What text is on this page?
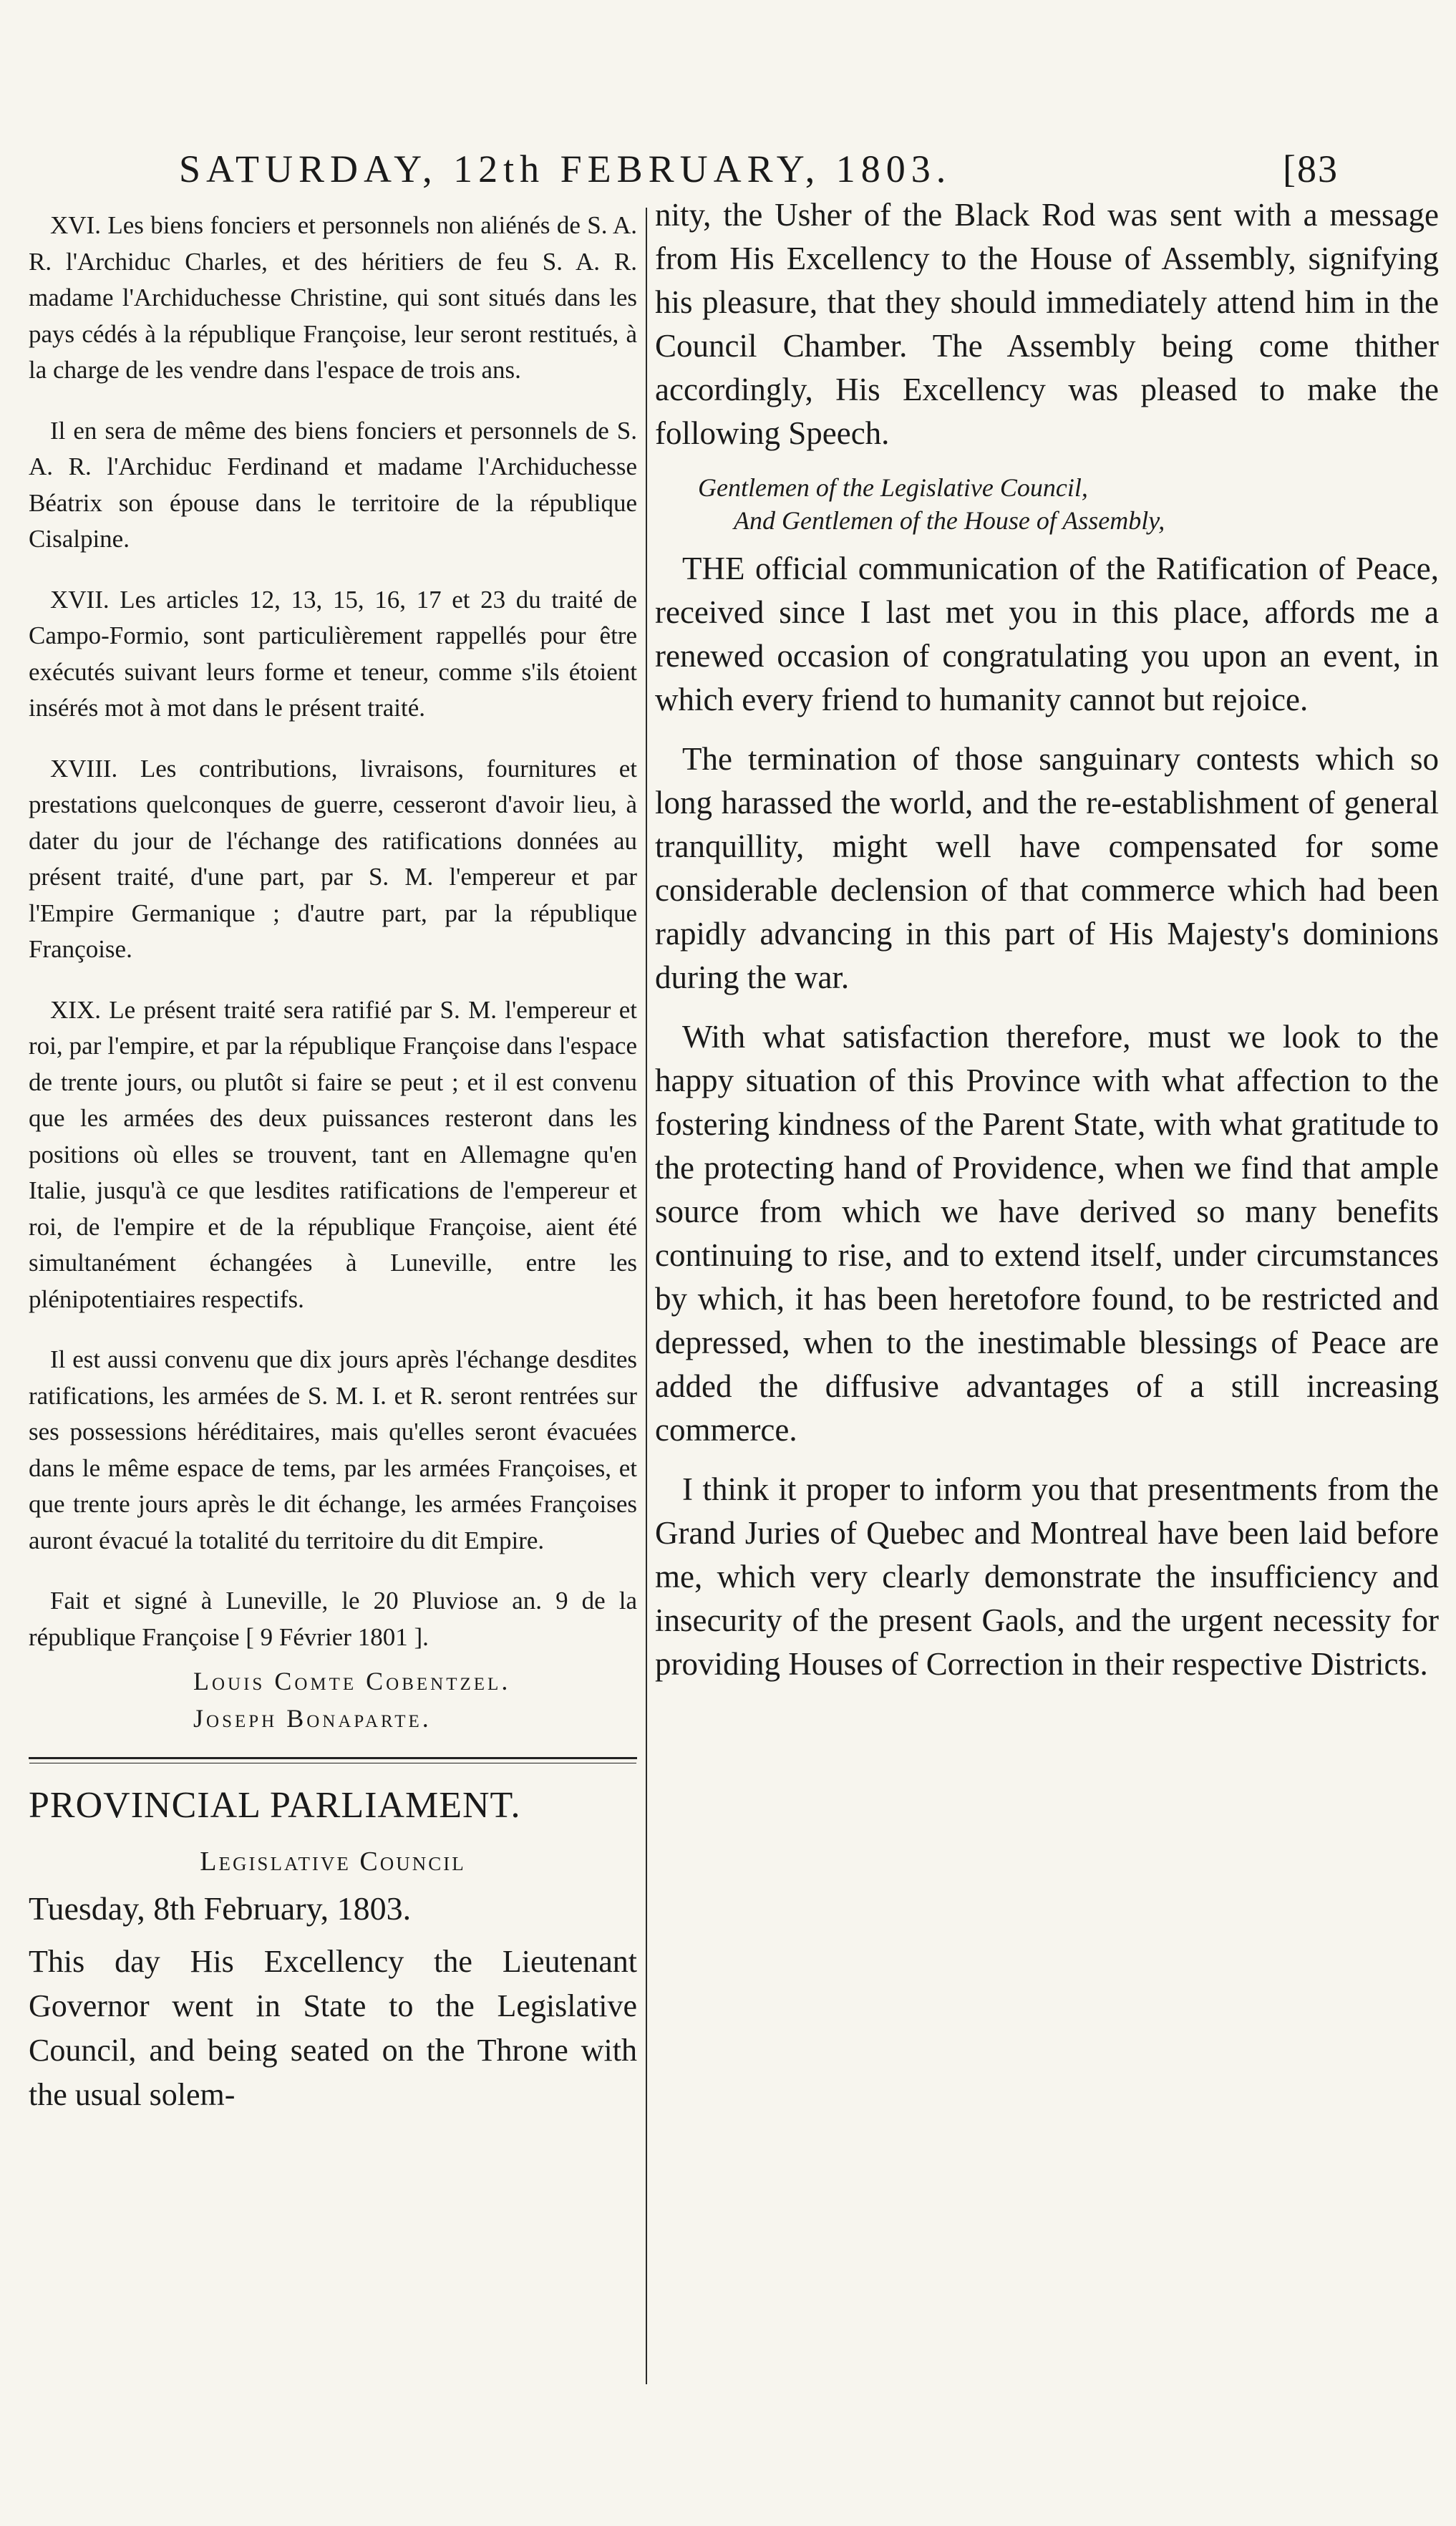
SATURDAY, 12th FEBRUARY, 1803.	[83

XVI. Les biens fonciers et personnels non aliénés de S. A. R. l'Archiduc Charles, et des héritiers de feu S. A. R. madame l'Archiduchesse Christine, qui sont situés dans les pays cédés à la république Françoise, leur seront restitués, à la charge de les vendre dans l'espace de trois ans.

Il en sera de même des biens fonciers et personnels de S. A. R. l'Archiduc Ferdinand et madame l'Archiduchesse Béatrix son épouse dans le territoire de la république Cisalpine.

XVII. Les articles 12, 13, 15, 16, 17 et 23 du traité de Campo-Formio, sont particulièrement rappellés pour être exécutés suivant leurs forme et teneur, comme s'ils étoient insérés mot à mot dans le présent traité.

XVIII. Les contributions, livraisons, fournitures et prestations quelconques de guerre, cesseront d'avoir lieu, à dater du jour de l'échange des ratifications données au présent traité, d'une part, par S. M. l'empereur et par l'Empire Germanique ; d'autre part, par la république Françoise.

XIX. Le présent traité sera ratifié par S. M. l'empereur et roi, par l'empire, et par la république Françoise dans l'espace de trente jours, ou plutôt si faire se peut ; et il est convenu que les armées des deux puissances resteront dans les positions où elles se trouvent, tant en Allemagne qu'en Italie, jusqu'à ce que lesdites ratifications de l'empereur et roi, de l'empire et de la république Françoise, aient été simultanément échangées à Luneville, entre les plénipotentiaires respectifs.

Il est aussi convenu que dix jours après l'échange desdites ratifications, les armées de S. M. I. et R. seront rentrées sur ses possessions héréditaires, mais qu'elles seront évacuées dans le même espace de tems, par les armées Françoises, et que trente jours après le dit échange, les armées Françoises auront évacué la totalité du territoire du dit Empire.

Fait et signé à Luneville, le 20 Pluviose an. 9 de la république Françoise [ 9 Février 1801 ].

Louis Comte Cobentzel.
Joseph Bonaparte.
PROVINCIAL PARLIAMENT.
Legislative Council
Tuesday, 8th February, 1803.

This day His Excellency the Lieutenant Governor went in State to the Legislative Council, and being seated on the Throne with the usual solem-

nity, the Usher of the Black Rod was sent with a message from His Excellency to the House of Assembly, signifying his pleasure, that they should immediately attend him in the Council Chamber. The Assembly being come thither accordingly, His Excellency was pleased to make the following Speech.

Gentlemen of the Legislative Council,
And Gentlemen of the House of Assembly,

THE official communication of the Ratification of Peace, received since I last met you in this place, affords me a renewed occasion of congratulating you upon an event, in which every friend to humanity cannot but rejoice.

The termination of those sanguinary contests which so long harassed the world, and the re-establishment of general tranquillity, might well have compensated for some considerable declension of that commerce which had been rapidly advancing in this part of His Majesty's dominions during the war.

With what satisfaction therefore, must we look to the happy situation of this Province with what affection to the fostering kindness of the Parent State, with what gratitude to the protecting hand of Providence, when we find that ample source from which we have derived so many benefits continuing to rise, and to extend itself, under circumstances by which, it has been heretofore found, to be restricted and depressed, when to the inestimable blessings of Peace are added the diffusive advantages of a still increasing commerce.

I think it proper to inform you that presentments from the Grand Juries of Quebec and Montreal have been laid before me, which very clearly demonstrate the insufficiency and insecurity of the present Gaols, and the urgent necessity for providing Houses of Correction in their respective Districts.
